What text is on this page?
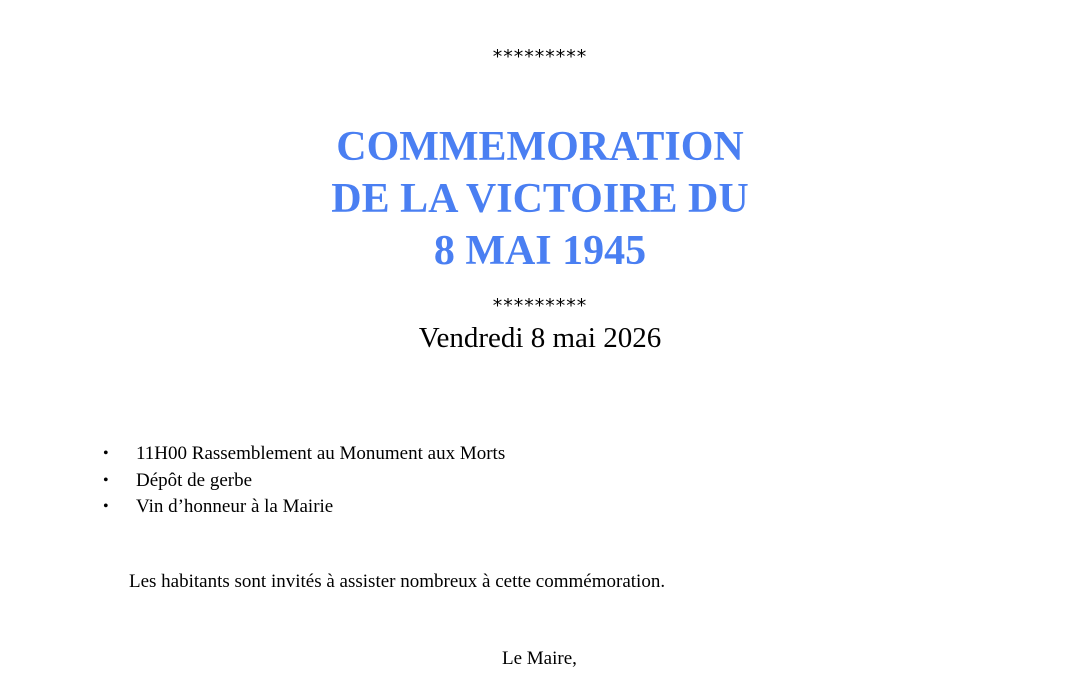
*********
COMMEMORATION
DE LA VICTOIRE DU
8 MAI 1945
*********
Vendredi 8 mai 2026
• 11H00 Rassemblement au Monument aux Morts
• Dépôt de gerbe
• Vin d’honneur à la Mairie
Les habitants sont invités à assister nombreux à cette commémoration.
Le Maire,
